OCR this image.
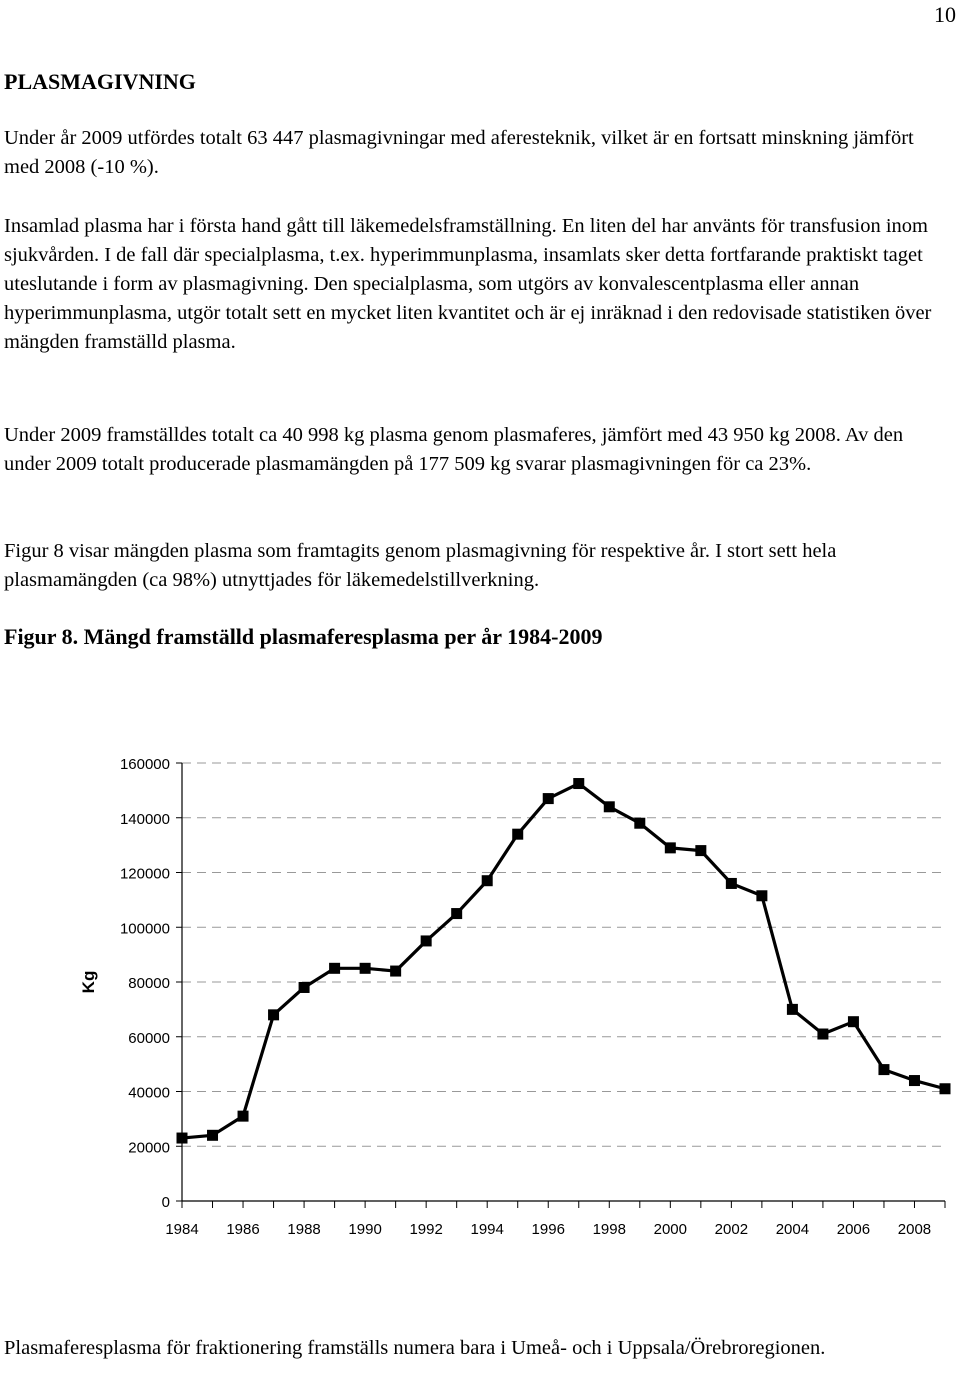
10
PLASMAGIVNING

Under år 2009 utfördes totalt 63 447 plasmagivningar med aferesteknik, vilket är en fortsatt minskning jämfört med 2008 (-10 %).

Insamlad plasma har i första hand gått till läkemedelsframställning. En liten del har använts för transfusion inom sjukvården. I de fall där specialplasma, t.ex. hyperimmunplasma, insamlats sker detta fortfarande praktiskt taget uteslutande i form av plasmagivning. Den specialplasma, som utgörs av konvalescentplasma eller annan hyperimmunplasma, utgör totalt sett en mycket liten kvantitet och är ej inräknad i den redovisade statistiken över mängden framställd plasma.

Under 2009 framställdes totalt ca 40 998 kg plasma genom plasmaferes, jämfört med 43 950 kg 2008. Av den under 2009 totalt producerade plasmamängden på 177 509 kg svarar plasmagivningen för ca 23%.

Figur 8 visar mängden plasma som framtagits genom plasmagivning för respektive år. I stort sett hela plasmamängden (ca 98%) utnyttjades för läkemedelstillverkning.

Figur 8. Mängd framställd plasmaferesplasma per år 1984-2009

0
20000
40000
60000
80000
100000
120000
140000
160000
1984 1986 1988 1990 1992 1994 1996 1998 2000 2002 2004 2006 2008
Kg

Plasmaferesplasma för fraktionering framställs numera bara i Umeå- och i Uppsala/Örebroregionen.
